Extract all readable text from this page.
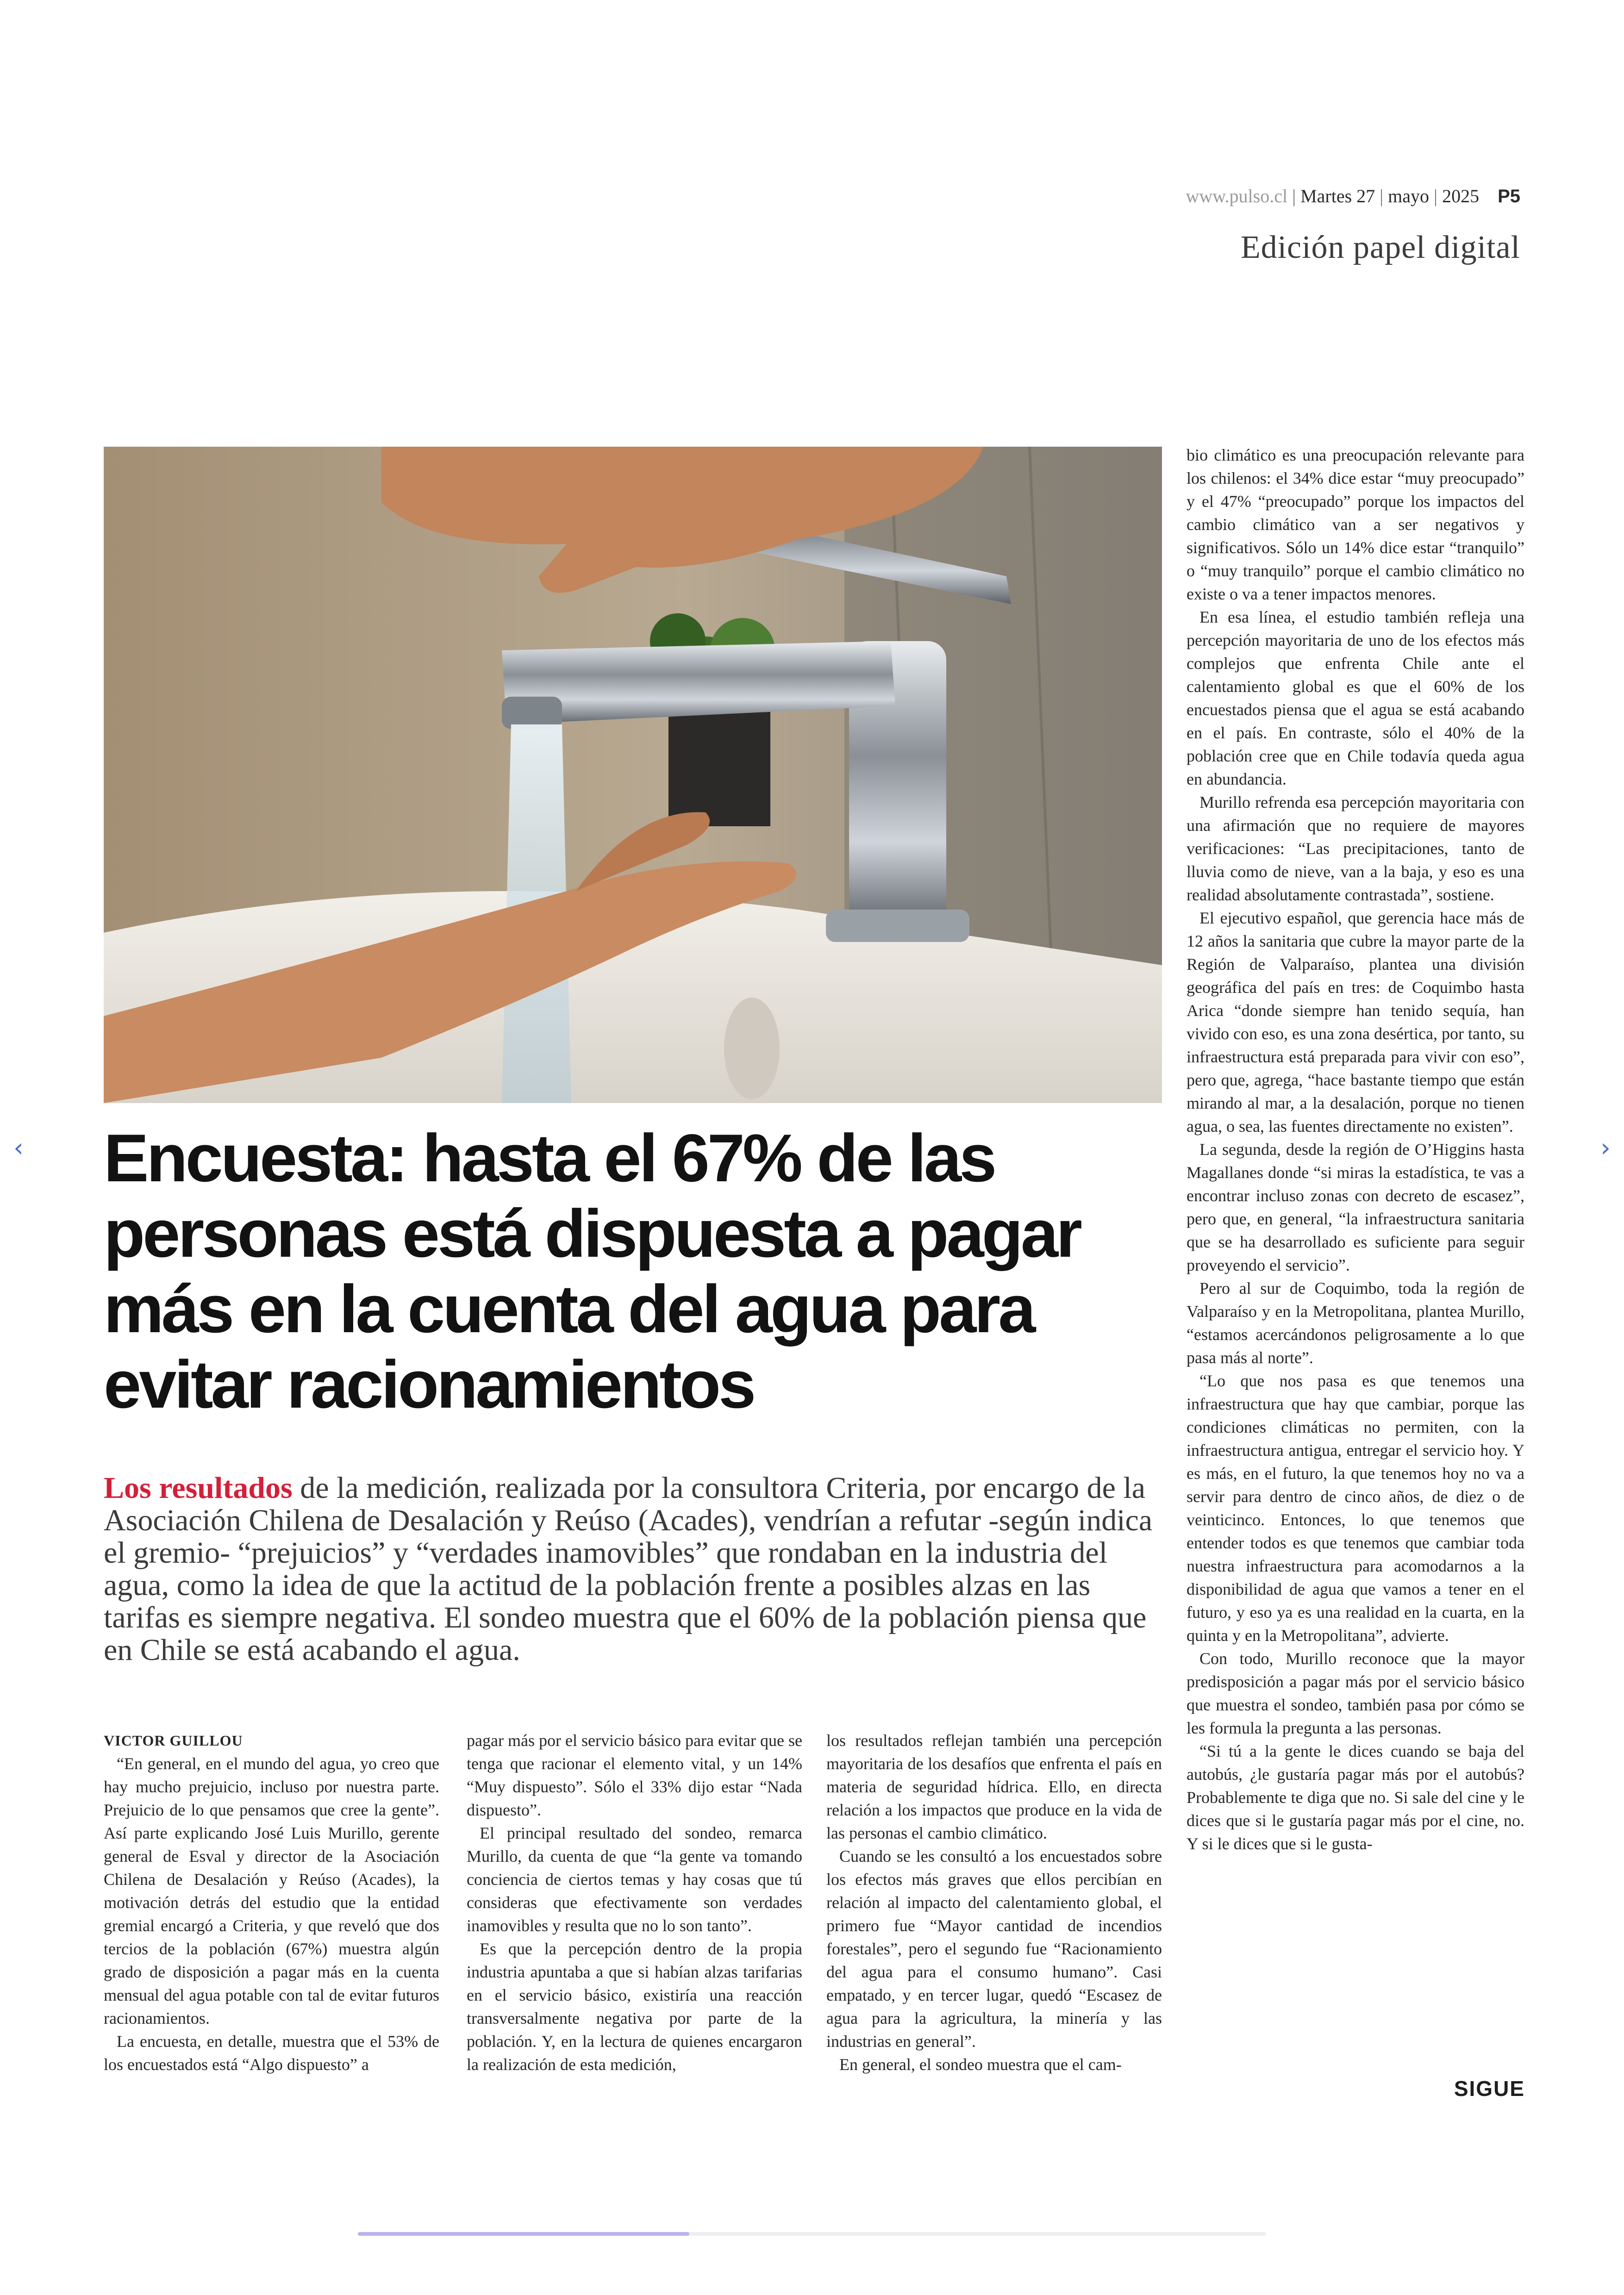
www.pulso.cl | Martes 27 | mayo | 2025 P5
Edición papel digital
Encuesta: hasta el 67% de las personas está dispuesta a pagar más en la cuenta del agua para evitar racionamientos

Los resultados de la medición, realizada por la consultora Criteria, por encargo de la Asociación Chilena de Desalación y Reúso (Acades), vendrían a refutar -según indica el gremio- “prejuicios” y “verdades inamovibles” que rondaban en la industria del agua, como la idea de que la actitud de la población frente a posibles alzas en las tarifas es siempre negativa. El sondeo muestra que el 60% de la población piensa que en Chile se está acabando el agua.

VICTOR GUILLOU

“En general, en el mundo del agua, yo creo que hay mucho prejuicio, incluso por nuestra parte. Prejuicio de lo que pensamos que cree la gente”. Así parte explicando José Luis Murillo, gerente general de Esval y director de la Asociación Chilena de Desalación y Reúso (Acades), la motivación detrás del estudio que la entidad gremial encargó a Criteria, y que reveló que dos tercios de la población (67%) muestra algún grado de disposición a pagar más en la cuenta mensual del agua potable con tal de evitar futuros racionamientos.

La encuesta, en detalle, muestra que el 53% de los encuestados está “Algo dispuesto” a

pagar más por el servicio básico para evitar que se tenga que racionar el elemento vital, y un 14% “Muy dispuesto”. Sólo el 33% dijo estar “Nada dispuesto”.

El principal resultado del sondeo, remarca Murillo, da cuenta de que “la gente va tomando conciencia de ciertos temas y hay cosas que tú consideras que efectivamente son verdades inamovibles y resulta que no lo son tanto”.

Es que la percepción dentro de la propia industria apuntaba a que si habían alzas tarifarias en el servicio básico, existiría una reacción transversalmente negativa por parte de la población. Y, en la lectura de quienes encargaron la realización de esta medición,

los resultados reflejan también una percepción mayoritaria de los desafíos que enfrenta el país en materia de seguridad hídrica. Ello, en directa relación a los impactos que produce en la vida de las personas el cambio climático.

Cuando se les consultó a los encuestados sobre los efectos más graves que ellos percibían en relación al impacto del calentamiento global, el primero fue “Mayor cantidad de incendios forestales”, pero el segundo fue “Racionamiento del agua para el consumo humano”. Casi empatado, y en tercer lugar, quedó “Escasez de agua para la agricultura, la minería y las industrias en general”.

En general, el sondeo muestra que el cam-

bio climático es una preocupación relevante para los chilenos: el 34% dice estar “muy preocupado” y el 47% “preocupado” porque los impactos del cambio climático van a ser negativos y significativos. Sólo un 14% dice estar “tranquilo” o “muy tranquilo” porque el cambio climático no existe o va a tener impactos menores.

En esa línea, el estudio también refleja una percepción mayoritaria de uno de los efectos más complejos que enfrenta Chile ante el calentamiento global es que el 60% de los encuestados piensa que el agua se está acabando en el país. En contraste, sólo el 40% de la población cree que en Chile todavía queda agua en abundancia.

Murillo refrenda esa percepción mayoritaria con una afirmación que no requiere de mayores verificaciones: “Las precipitaciones, tanto de lluvia como de nieve, van a la baja, y eso es una realidad absolutamente contrastada”, sostiene.

El ejecutivo español, que gerencia hace más de 12 años la sanitaria que cubre la mayor parte de la Región de Valparaíso, plantea una división geográfica del país en tres: de Coquimbo hasta Arica “donde siempre han tenido sequía, han vivido con eso, es una zona desértica, por tanto, su infraestructura está preparada para vivir con eso”, pero que, agrega, “hace bastante tiempo que están mirando al mar, a la desalación, porque no tienen agua, o sea, las fuentes directamente no existen”.

La segunda, desde la región de O’Higgins hasta Magallanes donde “si miras la estadística, te vas a encontrar incluso zonas con decreto de escasez”, pero que, en general, “la infraestructura sanitaria que se ha desarrollado es suficiente para seguir proveyendo el servicio”.

Pero al sur de Coquimbo, toda la región de Valparaíso y en la Metropolitana, plantea Murillo, “estamos acercándonos peligrosamente a lo que pasa más al norte”.

“Lo que nos pasa es que tenemos una infraestructura que hay que cambiar, porque las condiciones climáticas no permiten, con la infraestructura antigua, entregar el servicio hoy. Y es más, en el futuro, la que tenemos hoy no va a servir para dentro de cinco años, de diez o de veinticinco. Entonces, lo que tenemos que entender todos es que tenemos que cambiar toda nuestra infraestructura para acomodarnos a la disponibilidad de agua que vamos a tener en el futuro, y eso ya es una realidad en la cuarta, en la quinta y en la Metropolitana”, advierte.

Con todo, Murillo reconoce que la mayor predisposición a pagar más por el servicio básico que muestra el sondeo, también pasa por cómo se les formula la pregunta a las personas.

“Si tú a la gente le dices cuando se baja del autobús, ¿le gustaría pagar más por el autobús? Probablemente te diga que no. Si sale del cine y le dices que si le gustaría pagar más por el cine, no. Y si le dices que si le gusta-

SIGUE
‹	›
